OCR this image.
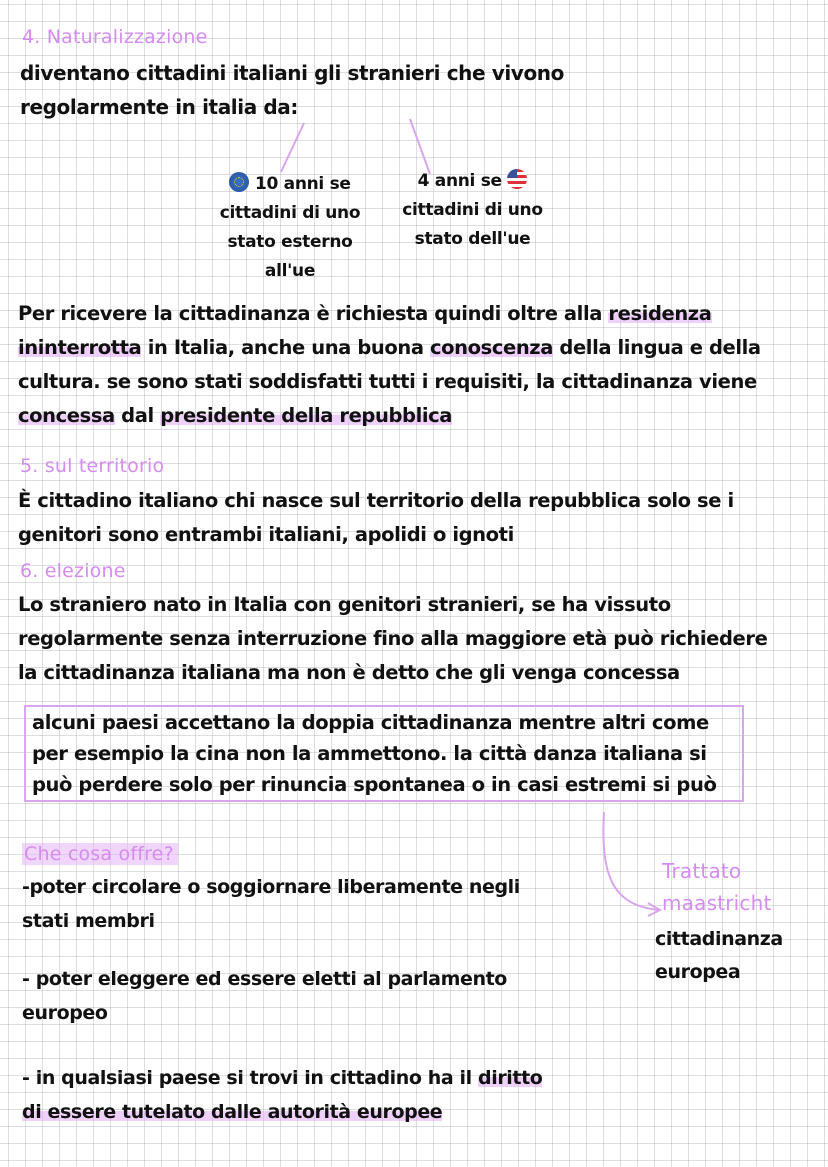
4. Naturalizzazione
diventano cittadini italiani gli stranieri che vivono
regolarmente in italia da:
10 anni se
cittadini di uno
stato esterno
all'ue
4 anni se
cittadini di uno
stato dell'ue
Per ricevere la cittadinanza è richiesta quindi oltre alla residenza
ininterrotta in Italia, anche una buona conoscenza della lingua e della
cultura. se sono stati soddisfatti tutti i requisiti, la cittadinanza viene
concessa dal presidente della repubblica
5. sul territorio
È cittadino italiano chi nasce sul territorio della repubblica solo se i
genitori sono entrambi italiani, apolidi o ignoti
6. elezione
Lo straniero nato in Italia con genitori stranieri, se ha vissuto
regolarmente senza interruzione fino alla maggiore età può richiedere
la cittadinanza italiana ma non è detto che gli venga concessa
alcuni paesi accettano la doppia cittadinanza mentre altri come
per esempio la cina non la ammettono. la città danza italiana si
può perdere solo per rinuncia spontanea o in casi estremi si può
Che cosa offre?
-poter circolare o soggiornare liberamente negli
stati membri
- poter eleggere ed essere eletti al parlamento
europeo
- in qualsiasi paese si trovi in cittadino ha il diritto
di essere tutelato dalle autorità europee
Trattato
maastricht
cittadinanza
europea
